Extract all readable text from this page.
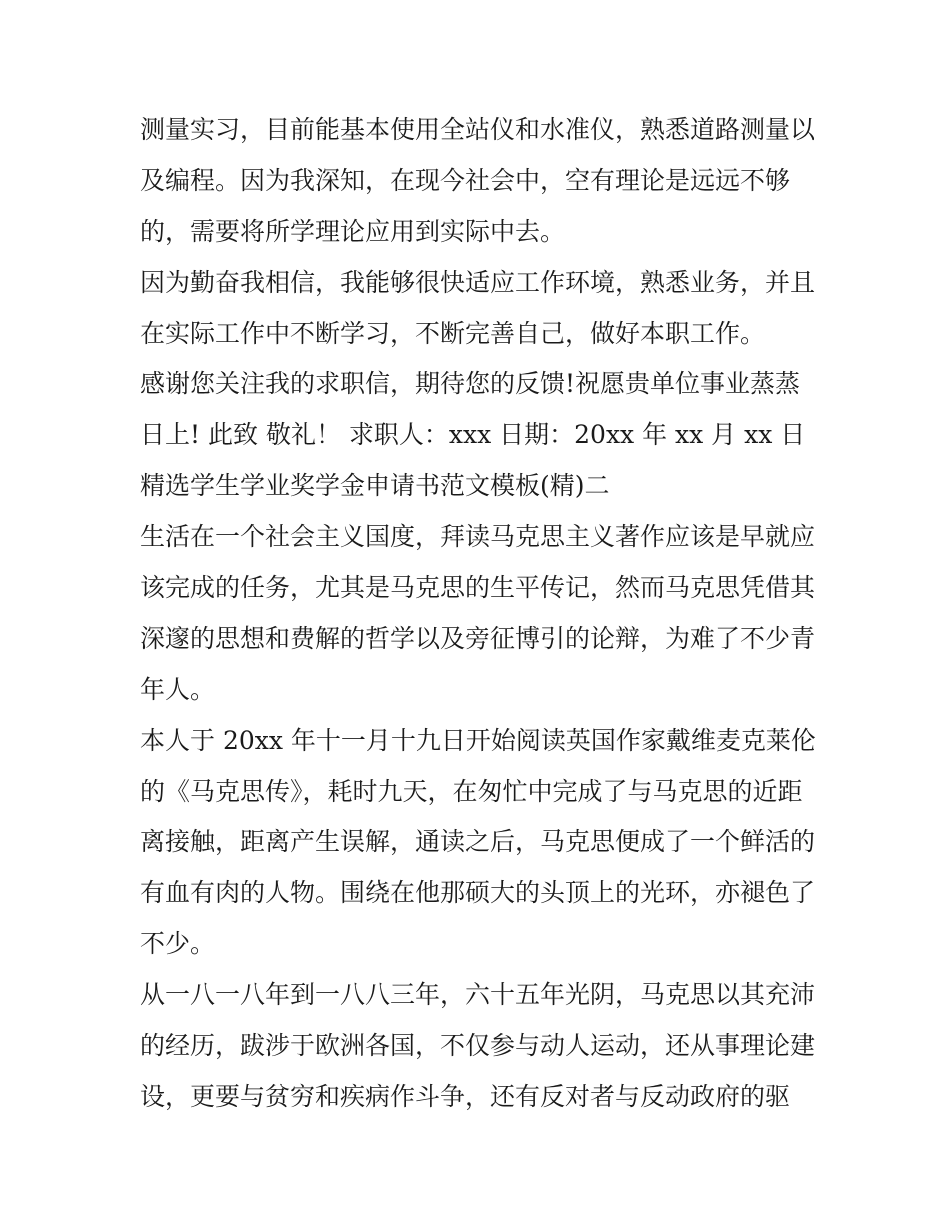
测量实习，目前能基本使用全站仪和水准仪，熟悉道路测量以
及编程。因为我深知，在现今社会中，空有理论是远远不够
的，需要将所学理论应用到实际中去。
因为勤奋我相信，我能够很快适应工作环境，熟悉业务，并且
在实际工作中不断学习，不断完善自己，做好本职工作。
感谢您关注我的求职信，期待您的反馈!祝愿贵单位事业蒸蒸
日上! 此致 敬礼！ 求职人：xxx 日期：20xx 年 xx 月 xx 日
精选学生学业奖学金申请书范文模板(精)二
生活在一个社会主义国度，拜读马克思主义著作应该是早就应
该完成的任务，尤其是马克思的生平传记，然而马克思凭借其
深邃的思想和费解的哲学以及旁征博引的论辩，为难了不少青
年人。
本人于 20xx 年十一月十九日开始阅读英国作家戴维麦克莱伦
的《马克思传》，耗时九天，在匆忙中完成了与马克思的近距
离接触，距离产生误解，通读之后，马克思便成了一个鲜活的
有血有肉的人物。围绕在他那硕大的头顶上的光环，亦褪色了
不少。
从一八一八年到一八八三年，六十五年光阴，马克思以其充沛
的经历，跋涉于欧洲各国，不仅参与动人运动，还从事理论建
设，更要与贫穷和疾病作斗争，还有反对者与反动政府的驱
